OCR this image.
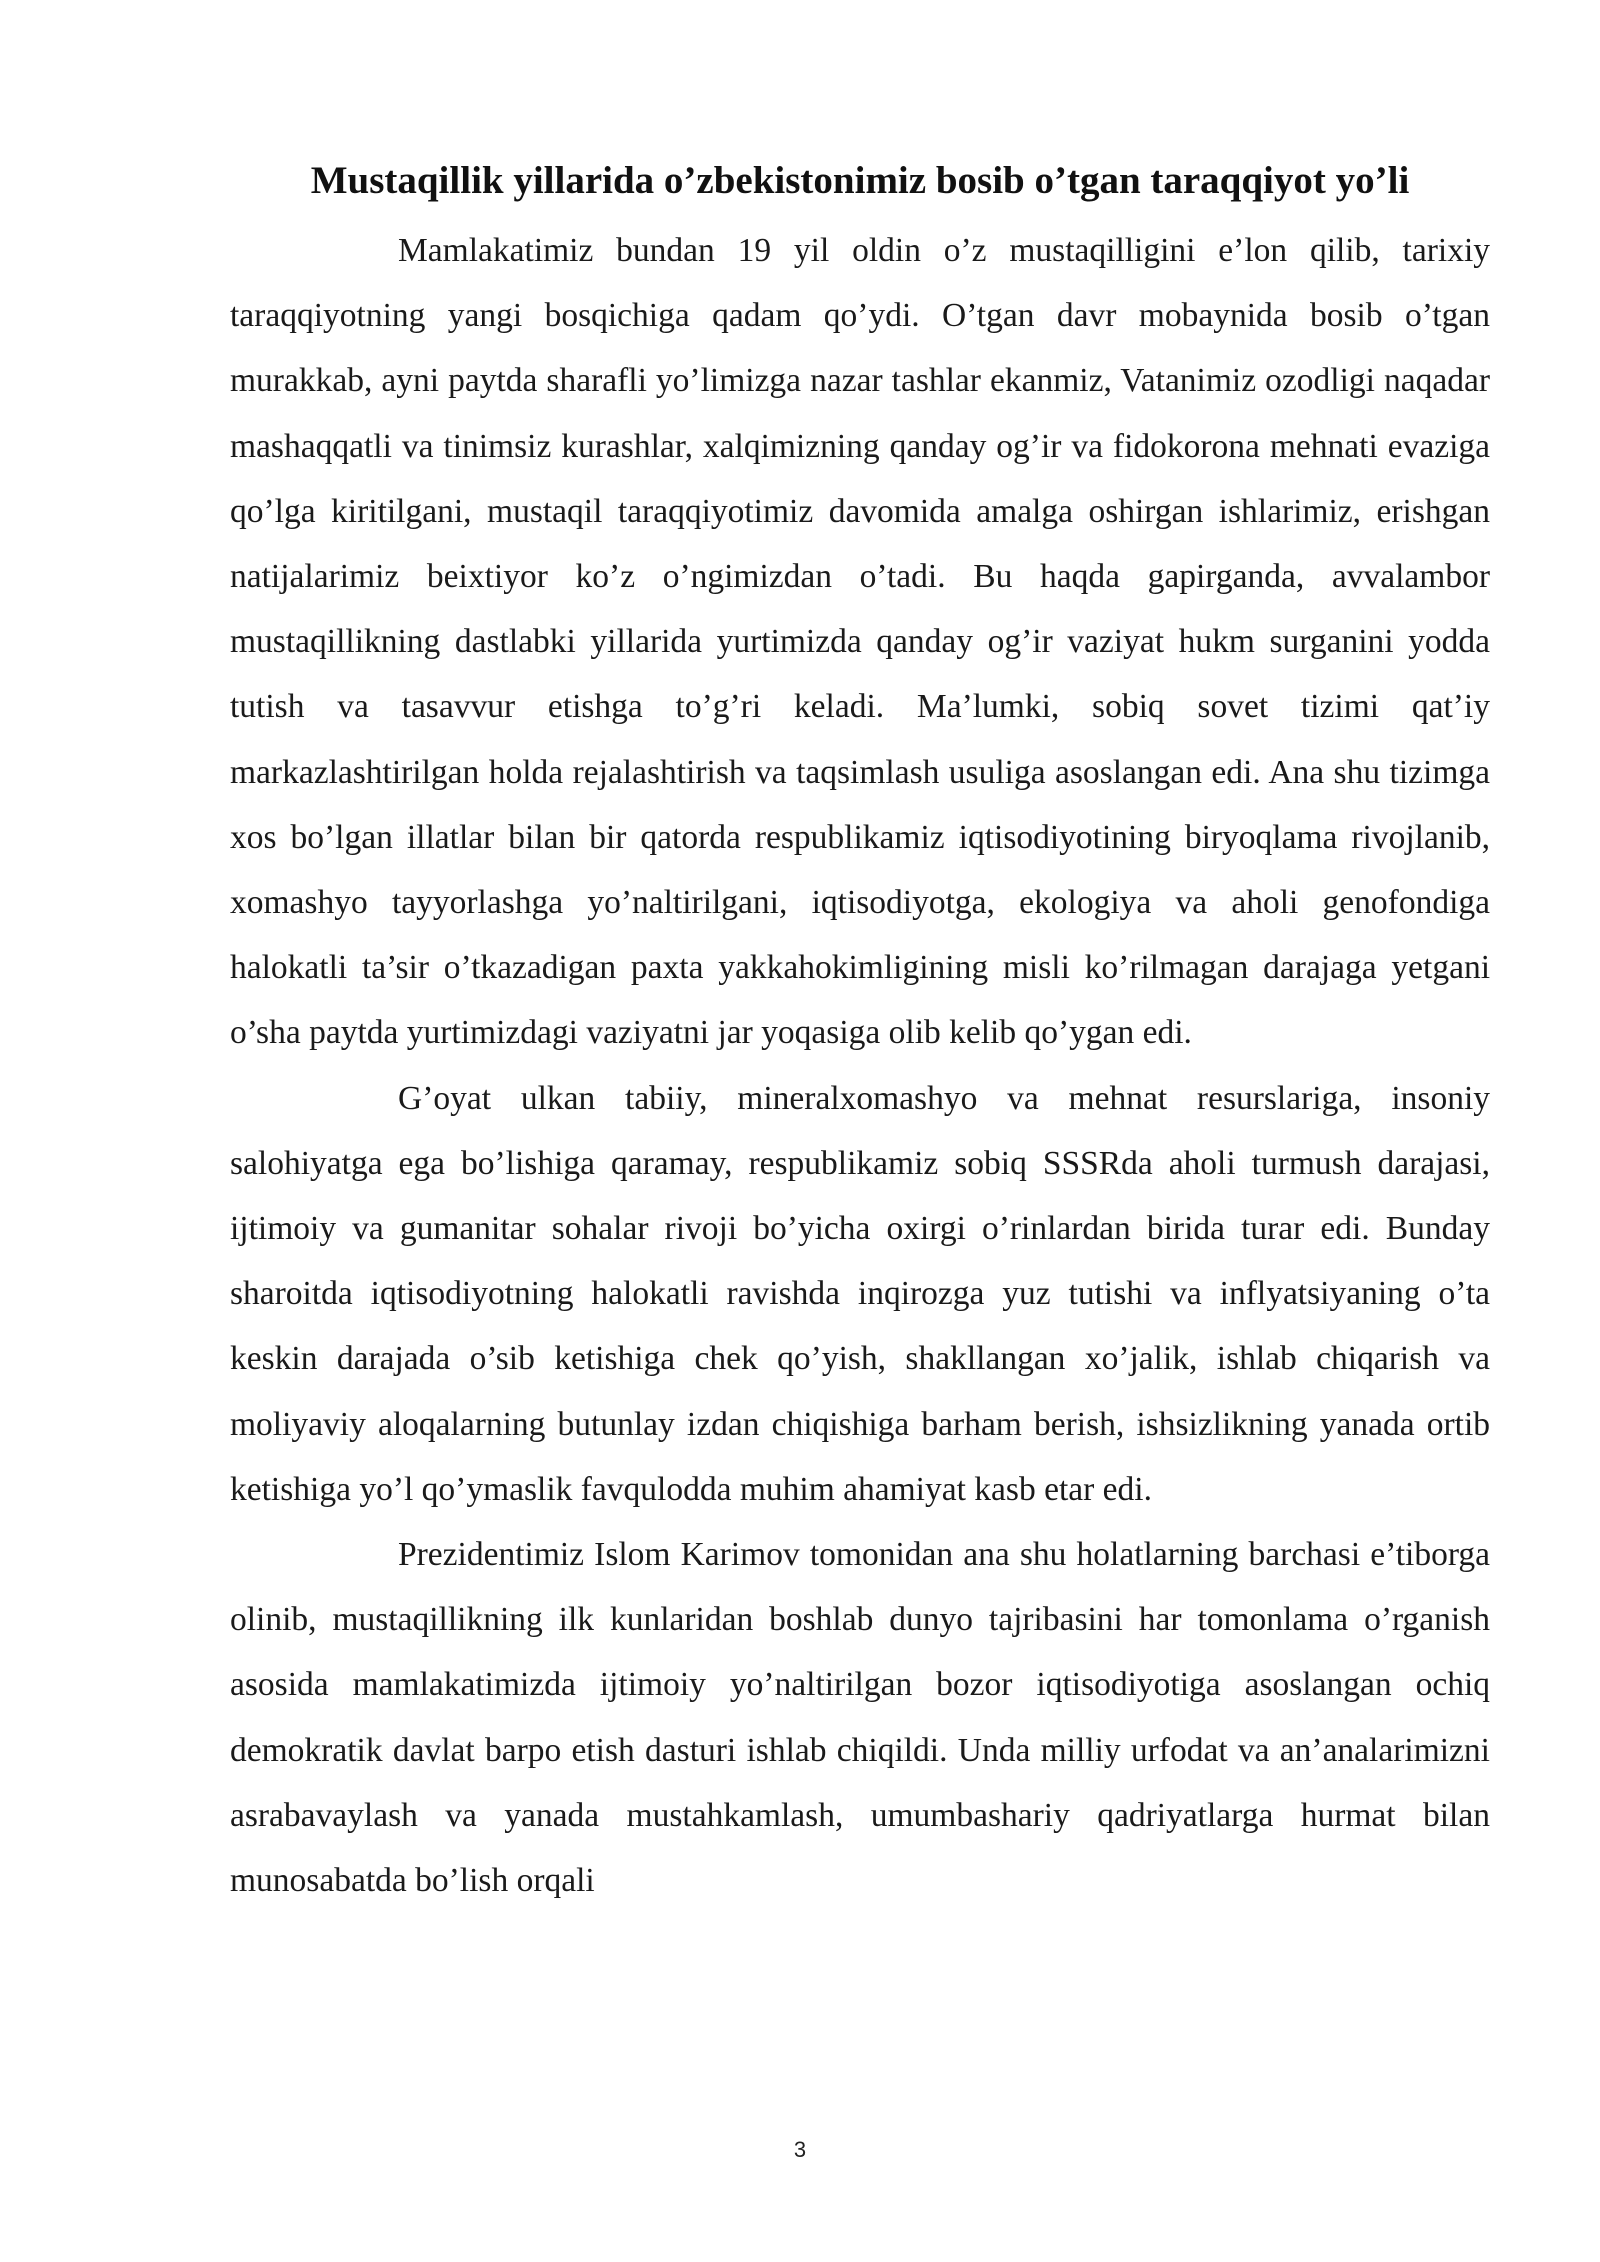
Mustaqillik yillarida o’zbekistonimiz bosib o’tgan taraqqiyot yo’li

Mamlakatimiz bundan 19 yil oldin o’z mustaqilligini e’lon qilib, tarixiy taraqqiyotning yangi bosqichiga qadam qo’ydi. O’tgan davr mobaynida bosib o’tgan murakkab, ayni paytda sharafli yo’limizga nazar tashlar ekanmiz, Vatanimiz ozodligi naqadar mashaqqatli va tinimsiz kurashlar, xalqimizning qanday og’ir va fidokorona mehnati evaziga qo’lga kiritilgani, mustaqil taraqqiyotimiz davomida amalga oshirgan ishlarimiz, erishgan natijalarimiz beixtiyor ko’z o’ngimizdan o’tadi. Bu haqda gapirganda, avvalambor mustaqillikning dastlabki yillarida yurtimizda qanday og’ir vaziyat hukm surganini yodda tutish va tasavvur etishga to’g’ri keladi. Ma’lumki, sobiq sovet tizimi qat’iy markazlashtirilgan holda rejalashtirish va taqsimlash usuliga asoslangan edi. Ana shu tizimga xos bo’lgan illatlar bilan bir qatorda respublikamiz iqtisodiyotining biryoqlama rivojlanib, xomashyo tayyorlashga yo’naltirilgani, iqtisodiyotga, ekologiya va aholi genofondiga halokatli ta’sir o’tkazadigan paxta yakkahokimligining misli ko’rilmagan darajaga yetgani o’sha paytda yurtimizdagi vaziyatni jar yoqasiga olib kelib qo’ygan edi.

G’oyat ulkan tabiiy, mineralxomashyo va mehnat resurslariga, insoniy salohiyatga ega bo’lishiga qaramay, respublikamiz sobiq SSSRda aholi turmush darajasi, ijtimoiy va gumanitar sohalar rivoji bo’yicha oxirgi o’rinlardan birida turar edi. Bunday sharoitda iqtisodiyotning halokatli ravishda inqirozga yuz tutishi va inflyatsiyaning o’ta keskin darajada o’sib ketishiga chek qo’yish, shakllangan xo’jalik, ishlab chiqarish va moliyaviy aloqalarning butunlay izdan chiqishiga barham berish, ishsizlikning yanada ortib ketishiga yo’l qo’ymaslik favqulodda muhim ahamiyat kasb etar edi.

Prezidentimiz Islom Karimov tomonidan ana shu holatlarning barchasi e’tiborga olinib, mustaqillikning ilk kunlaridan boshlab dunyo tajribasini har tomonlama o’rganish asosida mamlakatimizda ijtimoiy yo’naltirilgan bozor iqtisodiyotiga asoslangan ochiq demokratik davlat barpo etish dasturi ishlab chiqildi. Unda milliy urfodat va an’analarimizni asrabavaylash va yanada mustahkamlash, umumbashariy qadriyatlarga hurmat bilan munosabatda bo’lish orqali

3
